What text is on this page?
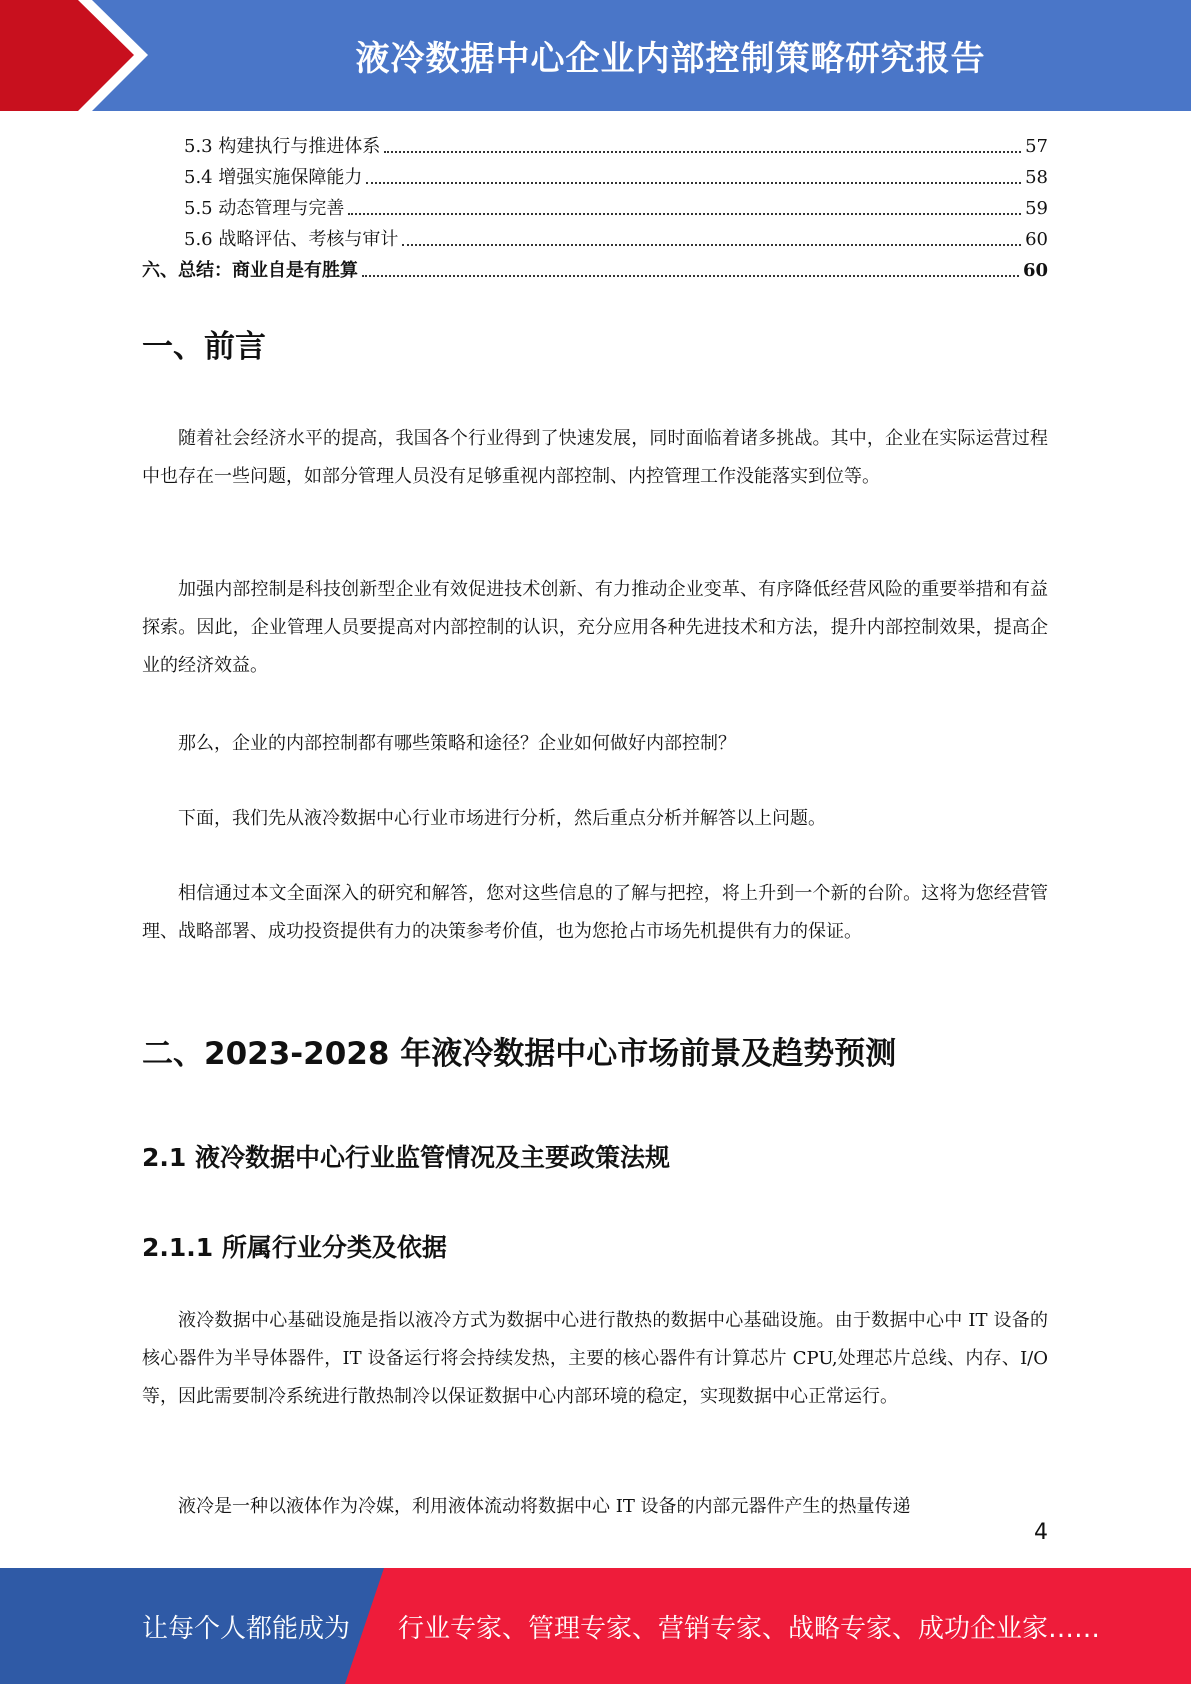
液冷数据中心企业内部控制策略研究报告
5.3 构建执行与推进体系	57
5.4 增强实施保障能力	58
5.5 动态管理与完善	59
5.6 战略评估、考核与审计	60
六、总结：商业自是有胜算	60
一、前言

随着社会经济水平的提高，我国各个行业得到了快速发展，同时面临着诸多挑战。其中，企业在实际运营过程中也存在一些问题，如部分管理人员没有足够重视内部控制、内控管理工作没能落实到位等。

加强内部控制是科技创新型企业有效促进技术创新、有力推动企业变革、有序降低经营风险的重要举措和有益探索。因此，企业管理人员要提高对内部控制的认识，充分应用各种先进技术和方法，提升内部控制效果，提高企业的经济效益。

那么，企业的内部控制都有哪些策略和途径？企业如何做好内部控制？

下面，我们先从液冷数据中心行业市场进行分析，然后重点分析并解答以上问题。

相信通过本文全面深入的研究和解答，您对这些信息的了解与把控，将上升到一个新的台阶。这将为您经营管理、战略部署、成功投资提供有力的决策参考价值，也为您抢占市场先机提供有力的保证。

二、2023-2028 年液冷数据中心市场前景及趋势预测
2.1 液冷数据中心行业监管情况及主要政策法规
2.1.1 所属行业分类及依据

液冷数据中心基础设施是指以液冷方式为数据中心进行散热的数据中心基础设施。由于数据中心中 IT 设备的核心器件为半导体器件，IT 设备运行将会持续发热，主要的核心器件有计算芯片 CPU,处理芯片总线、内存、I/O 等，因此需要制冷系统进行散热制冷以保证数据中心内部环境的稳定，实现数据中心正常运行。

液冷是一种以液体作为冷媒，利用液体流动将数据中心 IT 设备的内部元器件产生的热量传递

4
让每个人都能成为 行业专家、管理专家、营销专家、战略专家、成功企业家……
